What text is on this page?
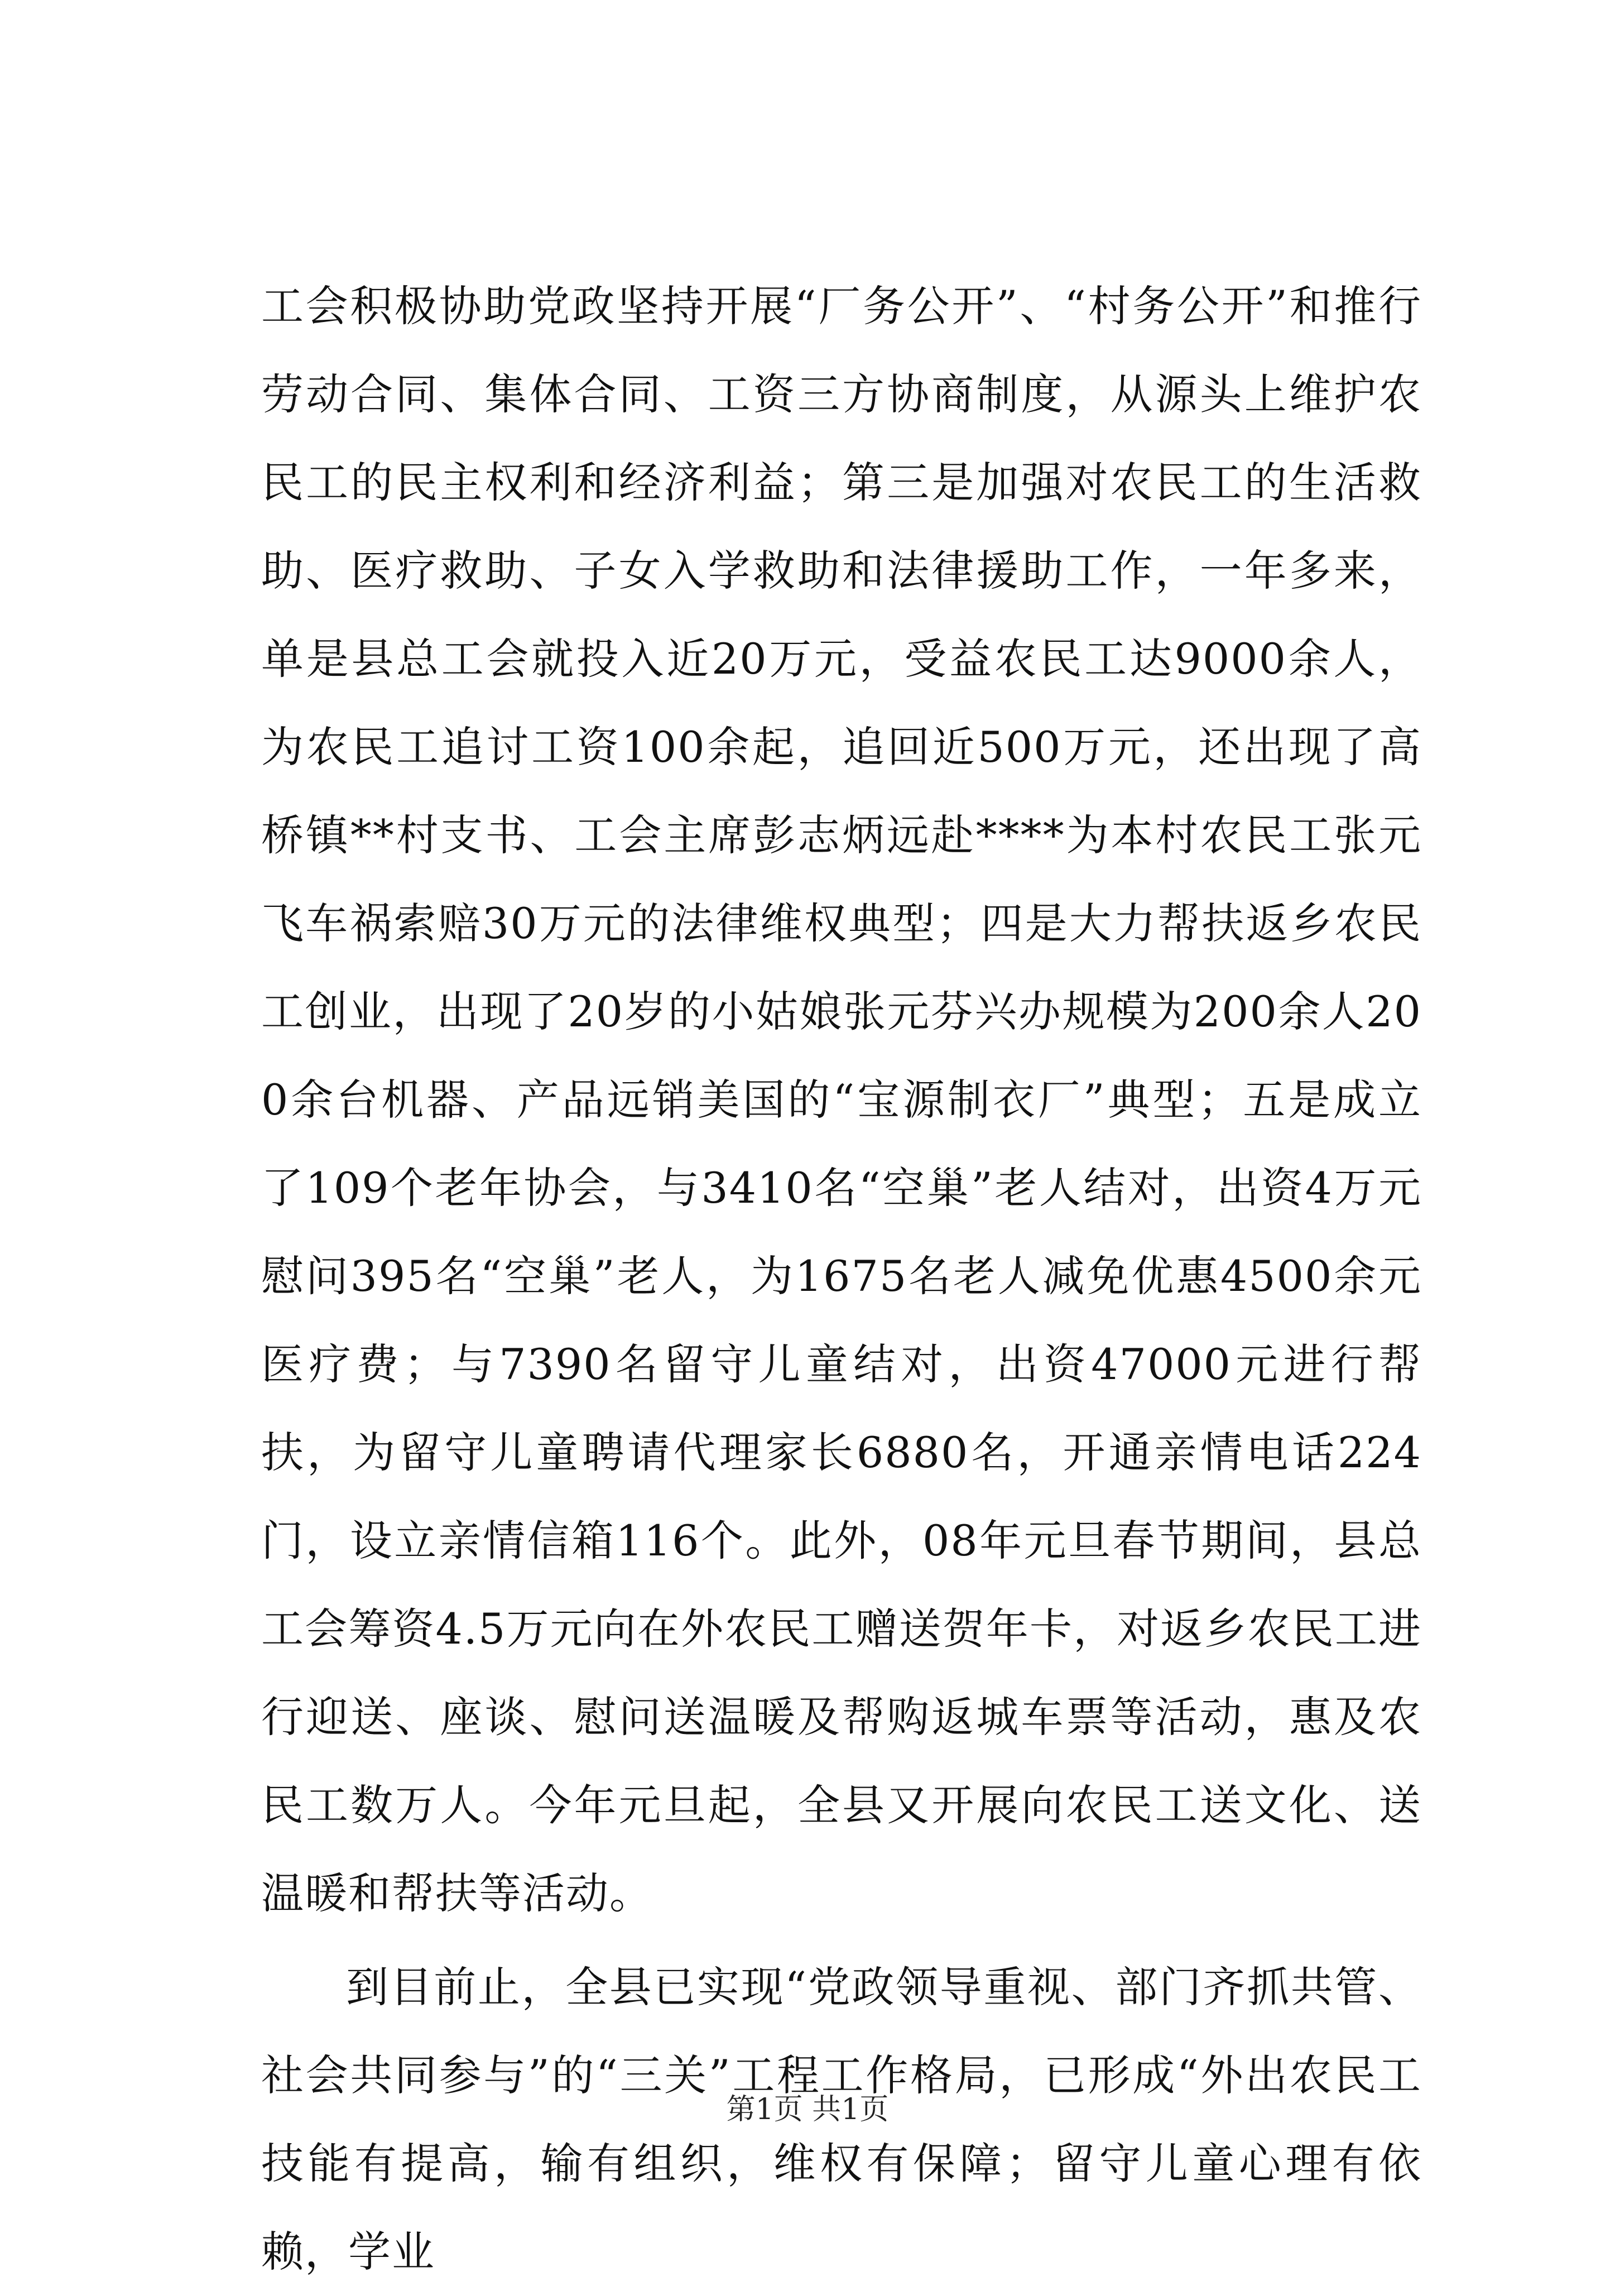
工会积极协助党政坚持开展“厂务公开”、“村务公开”和推行劳动合同、集体合同、工资三方协商制度，从源头上维护农民工的民主权利和经济利益；第三是加强对农民工的生活救助、医疗救助、子女入学救助和法律援助工作，一年多来，单是县总工会就投入近20万元，受益农民工达9000余人，为农民工追讨工资100余起，追回近500万元，还出现了高桥镇**村支书、工会主席彭志炳远赴****为本村农民工张元飞车祸索赔30万元的法律维权典型；四是大力帮扶返乡农民工创业，出现了20岁的小姑娘张元芬兴办规模为200余人200余台机器、产品远销美国的“宝源制衣厂”典型；五是成立了109个老年协会，与3410名“空巢”老人结对，出资4万元慰问395名“空巢”老人，为1675名老人减免优惠4500余元医疗费；与7390名留守儿童结对，出资47000元进行帮扶，为留守儿童聘请代理家长6880名，开通亲情电话224门，设立亲情信箱116个。此外，08年元旦春节期间，县总工会筹资4.5万元向在外农民工赠送贺年卡，对返乡农民工进行迎送、座谈、慰问送温暖及帮购返城车票等活动，惠及农民工数万人。今年元旦起，全县又开展向农民工送文化、送温暖和帮扶等活动。

到目前止，全县已实现“党政领导重视、部门齐抓共管、社会共同参与”的“三关”工程工作格局，已形成“外出农民工技能有提高，输有组织，维权有保障；留守儿童心理有依赖，学业

第1页 共1页
